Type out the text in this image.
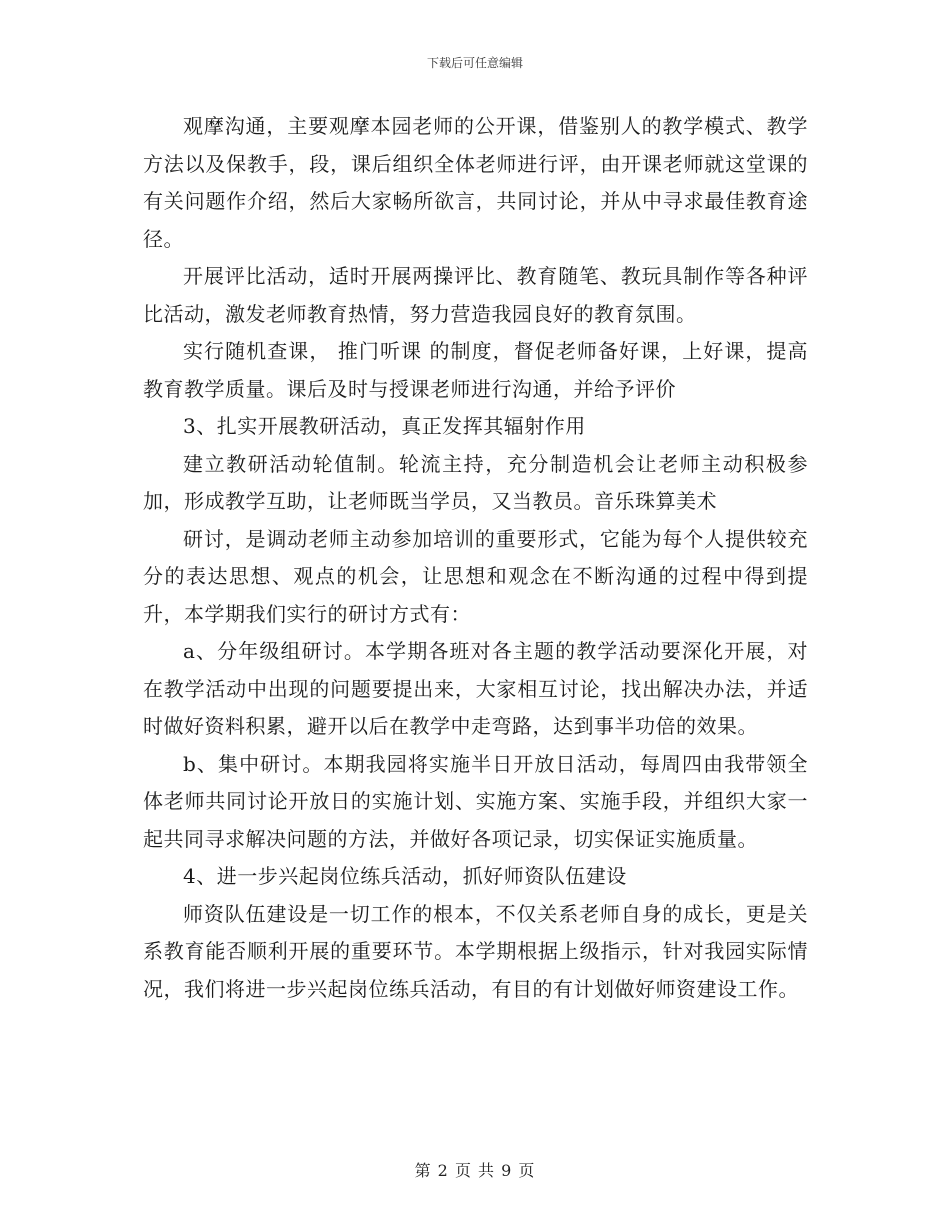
下载后可任意编辑

观摩沟通，主要观摩本园老师的公开课，借鉴别人的教学模式、教学方法以及保教手，段，课后组织全体老师进行评，由开课老师就这堂课的有关问题作介绍，然后大家畅所欲言，共同讨论，并从中寻求最佳教育途径。

开展评比活动，适时开展两操评比、教育随笔、教玩具制作等各种评比活动，激发老师教育热情，努力营造我园良好的教育氛围。

实行随机查课， 推门听课 的制度，督促老师备好课，上好课，提高教育教学质量。课后及时与授课老师进行沟通，并给予评价

3、扎实开展教研活动，真正发挥其辐射作用

建立教研活动轮值制。轮流主持，充分制造机会让老师主动积极参加，形成教学互助，让老师既当学员，又当教员。音乐珠算美术

研讨，是调动老师主动参加培训的重要形式，它能为每个人提供较充分的表达思想、观点的机会，让思想和观念在不断沟通的过程中得到提升，本学期我们实行的研讨方式有：

a、分年级组研讨。本学期各班对各主题的教学活动要深化开展，对在教学活动中出现的问题要提出来，大家相互讨论，找出解决办法，并适时做好资料积累，避开以后在教学中走弯路，达到事半功倍的效果。

b、集中研讨。本期我园将实施半日开放日活动，每周四由我带领全体老师共同讨论开放日的实施计划、实施方案、实施手段，并组织大家一起共同寻求解决问题的方法，并做好各项记录，切实保证实施质量。

4、进一步兴起岗位练兵活动，抓好师资队伍建设

师资队伍建设是一切工作的根本，不仅关系老师自身的成长，更是关系教育能否顺利开展的重要环节。本学期根据上级指示，针对我园实际情况，我们将进一步兴起岗位练兵活动，有目的有计划做好师资建设工作。

第 2 页 共 9 页
